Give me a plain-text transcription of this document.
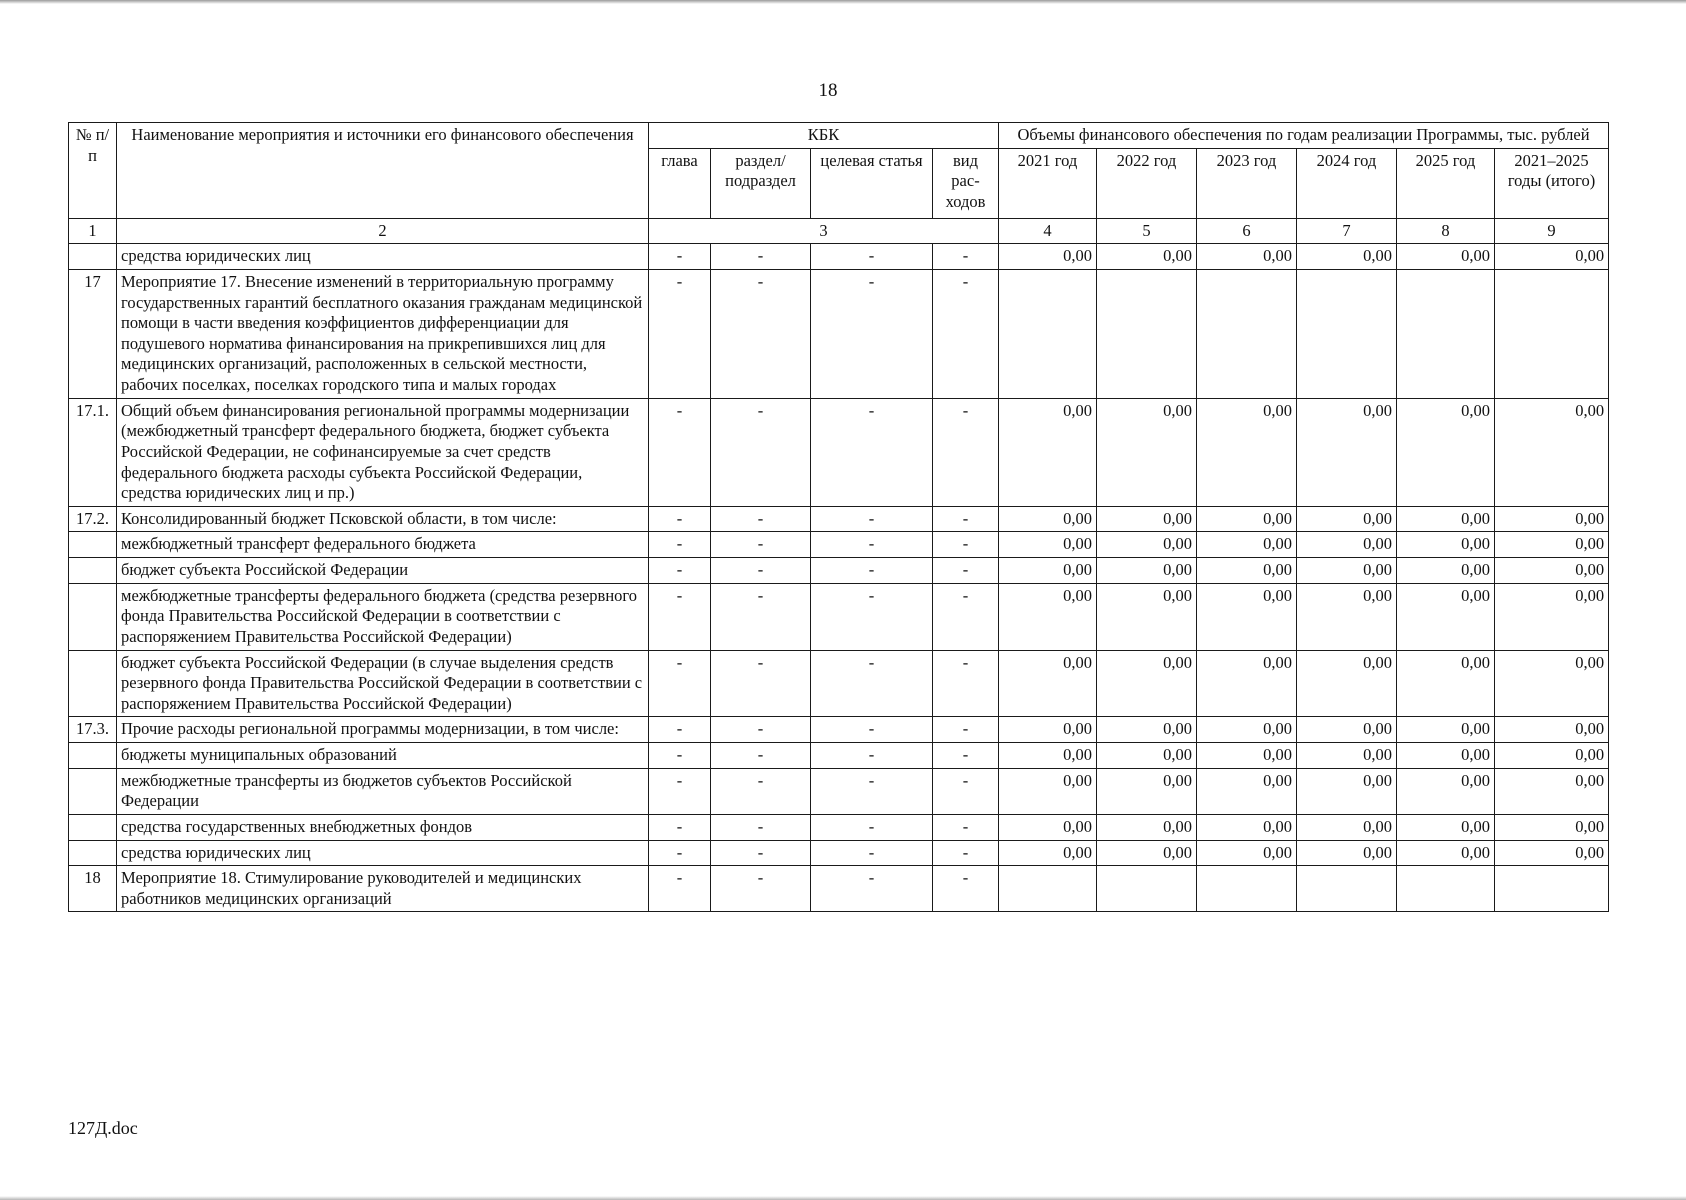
18
№ п/п	Наименование мероприятия и источники его финансового обеспечения	КБК				Объемы финансового обеспечения по годам реализации Программы, тыс. рублей					
		глава	раздел/ подраздел	целевая статья	вид рас-ходов	2021 год	2022 год	2023 год	2024 год	2025 год	2021–2025 годы (итого)
1	2	3				4	5	6	7	8	9
	средства юридических лиц	-	-	-	-	0,00	0,00	0,00	0,00	0,00	0,00
17	Мероприятие 17. Внесение изменений в территориальную программу государственных гарантий бесплатного оказания гражданам медицинской помощи в части введения коэффициентов дифференциации для подушевого норматива финансирования на прикрепившихся лиц для медицинских организаций, расположенных в сельской местности, рабочих поселках, поселках городского типа и малых городах	-	-	-	-						
17.1.	Общий объем финансирования региональной программы модернизации (межбюджетный трансферт федерального бюджета, бюджет субъекта Российской Федерации, не софинансируемые за счет средств федерального бюджета расходы субъекта Российской Федерации, средства юридических лиц и пр.)	-	-	-	-	0,00	0,00	0,00	0,00	0,00	0,00
17.2.	Консолидированный бюджет Псковской области, в том числе:	-	-	-	-	0,00	0,00	0,00	0,00	0,00	0,00
	межбюджетный трансферт федерального бюджета	-	-	-	-	0,00	0,00	0,00	0,00	0,00	0,00
	бюджет субъекта Российской Федерации	-	-	-	-	0,00	0,00	0,00	0,00	0,00	0,00
	межбюджетные трансферты федерального бюджета (средства резервного фонда Правительства Российской Федерации в соответствии с распоряжением Правительства Российской Федерации)	-	-	-	-	0,00	0,00	0,00	0,00	0,00	0,00
	бюджет субъекта Российской Федерации (в случае выделения средств резервного фонда Правительства Российской Федерации в соответствии с распоряжением Правительства Российской Федерации)	-	-	-	-	0,00	0,00	0,00	0,00	0,00	0,00
17.3.	Прочие расходы региональной программы модернизации, в том числе:	-	-	-	-	0,00	0,00	0,00	0,00	0,00	0,00
	бюджеты муниципальных образований	-	-	-	-	0,00	0,00	0,00	0,00	0,00	0,00
	межбюджетные трансферты из бюджетов субъектов Российской Федерации	-	-	-	-	0,00	0,00	0,00	0,00	0,00	0,00
	средства государственных внебюджетных фондов	-	-	-	-	0,00	0,00	0,00	0,00	0,00	0,00
	средства юридических лиц	-	-	-	-	0,00	0,00	0,00	0,00	0,00	0,00
18	Мероприятие 18. Стимулирование руководителей и медицинских работников медицинских организаций	-	-	-	-						
127Д.doc
